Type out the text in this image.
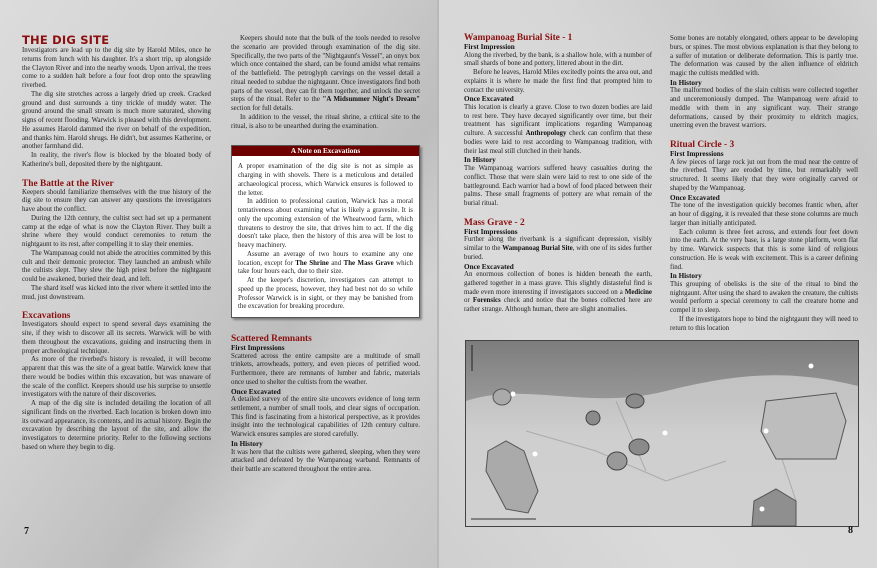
THE DIG SITE

Investigators are lead up to the dig site by Harold Miles, once he returns from lunch with his daughter. It's a short trip, up alongside the Clayton River and into the nearby woods. Upon arrival, the trees come to a sudden halt before a four foot drop onto the sprawling riverbed.

The dig site stretches across a largely dried up creek. Cracked ground and dust surrounds a tiny trickle of muddy water. The ground around the small stream is much more saturated, showing signs of recent flooding. Warwick is pleased with this development. He assumes Harold dammed the river on behalf of the expedition, and thanks him. Harold shrugs. He didn't, but assumes Katherine, or another farmhand did.

In reality, the river's flow is blocked by the bloated body of Katherine's bull, deposited there by the nightgaunt.

The Battle at the River

Keepers should familiarize themselves with the true history of the dig site to ensure they can answer any questions the investigators have about the conflict.

During the 12th century, the cultist sect had set up a permanent camp at the edge of what is now the Clayton River. They built a shrine where they would conduct ceremonies to return the nightgaunt to its rest, after compelling it to slay their enemies.

The Wampanoag could not abide the atrocities committed by this cult and their demonic protector. They launched an ambush while the cultists slept. They slew the high priest before the nightgaunt could be awakened, buried their dead, and left.

The shard itself was kicked into the river where it settled into the mud, just downstream.

Excavations

Investigators should expect to spend several days examining the site, if they wish to discover all its secrets. Warwick will be with them throughout the excavations, guiding and instructing them in proper archeological technique.

As more of the riverbed's history is revealed, it will become apparent that this was the site of a great battle. Warwick knew that there would be bodies within this excavation, but was unaware of the scale of the conflict. Keepers should use his surprise to unsettle investigators with the nature of their discoveries.

A map of the dig site is included detailing the location of all significant finds on the riverbed. Each location is broken down into its outward appearance, its contents, and its actual history. Begin the excavation by describing the layout of the site, and allow the investigators to determine priority. Refer to the following sections based on where they begin to dig.

Keepers should note that the bulk of the tools needed to resolve the scenario are provided through examination of the dig site. Specifically, the two parts of the "Nightgaunt's Vessel", an onyx box which once contained the shard, can be found amidst what remains of the battlefield. The petroglyph carvings on the vessel detail a ritual needed to subdue the nightgaunt. Once investigators find both parts of the vessel, they can fit them together, and unlock the secret steps of the ritual. Refer to the "A Midsummer Night's Dream" section for full details.

In addition to the vessel, the ritual shrine, a critical site to the ritual, is also to be unearthed during the examination.

A Note on Excavations

A proper examination of the dig site is not as simple as charging in with shovels. There is a meticulous and detailed archaeological process, which Warwick ensures is followed to the letter.

In addition to professional caution, Warwick has a moral tentativeness about examining what is likely a gravesite. It is only the upcoming extension of the Wheatwood farm, which threatens to destroy the site, that drives him to act. If the dig doesn't take place, then the history of this area will be lost to heavy machinery.

Assume an average of two hours to examine any one location, except for The Shrine and The Mass Grave which take four hours each, due to their size.

At the keeper's discretion, investigators can attempt to speed up the process, however, they had best not do so while Professor Warwick is in sight, or they may be banished from the excavation for breaking procedure.

Scattered Remnants
First Impressions

Scattered across the entire campsite are a multitude of small trinkets, arrowheads, pottery, and even pieces of petrified wood. Furthermore, there are remnants of lumber and fabric, materials once used to shelter the cultists from the weather.

Once Excavated

A detailed survey of the entire site uncovers evidence of long term settlement, a number of small tools, and clear signs of occupation. This find is fascinating from a historical perspective, as it provides insight into the technological capabilities of 12th century culture. Warwick ensures samples are stored carefully.

In History

It was here that the cultists were gathered, sleeping, when they were attacked and defeated by the Wampanoag warband. Remnants of their battle are scattered throughout the entire area.

Wampanoag Burial Site - 1
First Impression

Along the riverbed, by the bank, is a shallow hole, with a number of small shards of bone and pottery, littered about in the dirt.

Before he leaves, Harold Miles excitedly points the area out, and explains it is where he made the first find that prompted him to contact the university.

Once Excavated

This location is clearly a grave. Close to two dozen bodies are laid to rest here. They have decayed significantly over time, but their treatment has significant implications regarding Wampanoag culture. A successful Anthropology check can confirm that these bodies were laid to rest according to Wampanoag tradition, with their last meal still clutched in their hands.

In History

The Wampanoag warriors suffered heavy casualties during the conflict. Those that were slain were laid to rest to one side of the battleground. Each warrior had a bowl of food placed between their palms. These small fragments of pottery are what remain of the burial ritual.

Mass Grave - 2
First Impressions

Further along the riverbank is a significant depression, visibly similar to the Wampanoag Burial Site, with one of its sides further buried.

Once Excavated

An enormous collection of bones is hidden beneath the earth, gathered together in a mass grave. This slightly distasteful find is made even more interesting if investigators succeed on a Medicine or Forensics check and notice that the bones collected here are rather strange. Although human, there are slight anomalies.

Some bones are notably elongated, others appear to be developing burs, or spines. The most obvious explanation is that they belong to a suffer of mutation or deliberate deformation. This is partly true. The deformation was caused by the alien influence of eldritch magic the cultists meddled with.

In History

The malformed bodies of the slain cultists were collected together and unceremoniously dumped. The Wampanoag were afraid to meddle with them in any significant way. Their strange deformations, caused by their proximity to eldritch magics, unerring even the bravest warriors.

Ritual Circle - 3
First Impressions

A few pieces of large rock jut out from the mud near the centre of the riverbed. They are eroded by time, but remarkably well structured. It seems likely that they were originally carved or shaped by the Wampanoag.

Once Excavated

The tone of the investigation quickly becomes frantic when, after an hour of digging, it is revealed that these stone columns are much larger than initially anticipated.

Each column is three feet across, and extends four feet down into the earth. At the very base, is a large stone platform, worn flat by time. Warwick suspects that this is some kind of religious construction. He is weak with excitement. This is a career defining find.

In History

This grouping of obelisks is the site of the ritual to bind the nightgaunt. After using the shard to awaken the creature, the cultists would perform a special ceremony to call the creature home and compel it to sleep.

If the investigators hope to bind the nightgaunt they will need to return to this location

7	8
